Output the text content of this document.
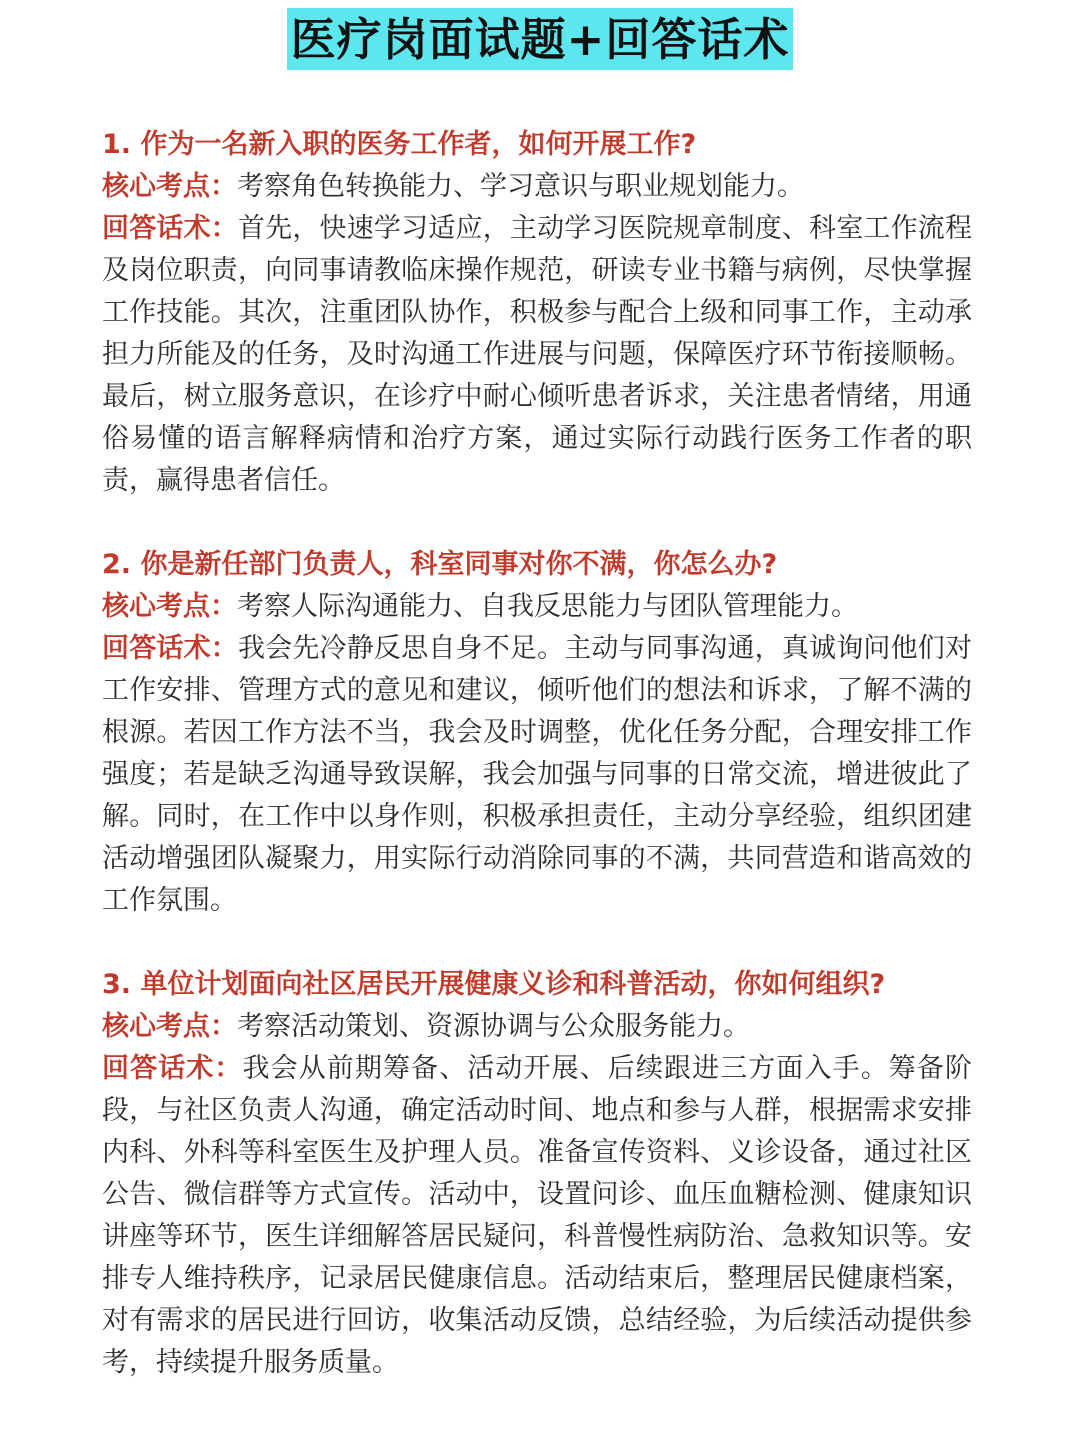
医疗岗面试题+回答话术
1. 作为一名新入职的医务工作者，如何开展工作?
核心考点：考察角色转换能力、学习意识与职业规划能力。
回答话术：首先，快速学习适应，主动学习医院规章制度、科室工作流程及岗位职责，向同事请教临床操作规范，研读专业书籍与病例，尽快掌握工作技能。其次，注重团队协作，积极参与配合上级和同事工作，主动承担力所能及的任务，及时沟通工作进展与问题，保障医疗环节衔接顺畅。最后，树立服务意识，在诊疗中耐心倾听患者诉求，关注患者情绪，用通俗易懂的语言解释病情和治疗方案，通过实际行动践行医务工作者的职责，赢得患者信任。
2. 你是新任部门负责人，科室同事对你不满，你怎么办?
核心考点：考察人际沟通能力、自我反思能力与团队管理能力。
回答话术：我会先冷静反思自身不足。主动与同事沟通，真诚询问他们对工作安排、管理方式的意见和建议，倾听他们的想法和诉求，了解不满的根源。若因工作方法不当，我会及时调整，优化任务分配，合理安排工作强度；若是缺乏沟通导致误解，我会加强与同事的日常交流，增进彼此了解。同时，在工作中以身作则，积极承担责任，主动分享经验，组织团建活动增强团队凝聚力，用实际行动消除同事的不满，共同营造和谐高效的工作氛围。
3. 单位计划面向社区居民开展健康义诊和科普活动，你如何组织?
核心考点：考察活动策划、资源协调与公众服务能力。
回答话术：我会从前期筹备、活动开展、后续跟进三方面入手。筹备阶段，与社区负责人沟通，确定活动时间、地点和参与人群，根据需求安排内科、外科等科室医生及护理人员。准备宣传资料、义诊设备，通过社区公告、微信群等方式宣传。活动中，设置问诊、血压血糖检测、健康知识讲座等环节，医生详细解答居民疑问，科普慢性病防治、急救知识等。安排专人维持秩序，记录居民健康信息。活动结束后，整理居民健康档案，对有需求的居民进行回访，收集活动反馈，总结经验，为后续活动提供参考，持续提升服务质量。
